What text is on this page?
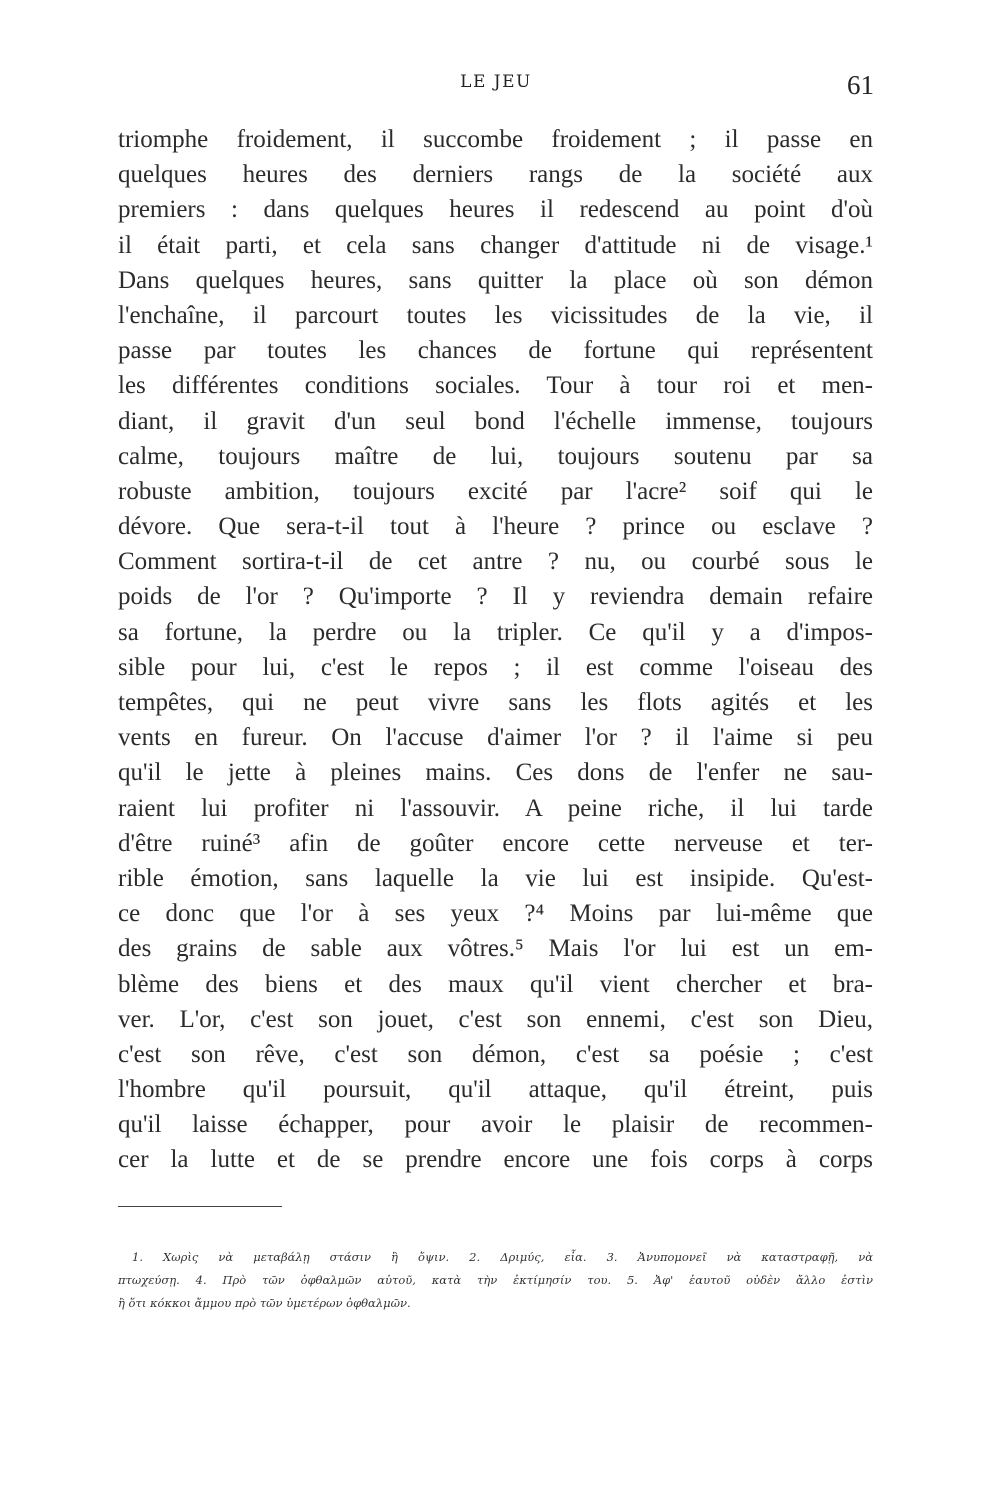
LE JEU	61
triomphe froidement, il succombe froidement ; il passe en
quelques heures des derniers rangs de la société aux
premiers : dans quelques heures il redescend au point d'où
il était parti, et cela sans changer d'attitude ni de visage.¹
Dans quelques heures, sans quitter la place où son démon
l'enchaîne, il parcourt toutes les vicissitudes de la vie, il
passe par toutes les chances de fortune qui représentent
les différentes conditions sociales. Tour à tour roi et men-
diant, il gravit d'un seul bond l'échelle immense, toujours
calme, toujours maître de lui, toujours soutenu par sa
robuste ambition, toujours excité par l'acre² soif qui le
dévore. Que sera-t-il tout à l'heure ? prince ou esclave ?
Comment sortira-t-il de cet antre ? nu, ou courbé sous le
poids de l'or ? Qu'importe ? Il y reviendra demain refaire
sa fortune, la perdre ou la tripler. Ce qu'il y a d'impos-
sible pour lui, c'est le repos ; il est comme l'oiseau des
tempêtes, qui ne peut vivre sans les flots agités et les
vents en fureur. On l'accuse d'aimer l'or ? il l'aime si peu
qu'il le jette à pleines mains. Ces dons de l'enfer ne sau-
raient lui profiter ni l'assouvir. A peine riche, il lui tarde
d'être ruiné³ afin de goûter encore cette nerveuse et ter-
rible émotion, sans laquelle la vie lui est insipide. Qu'est-
ce donc que l'or à ses yeux ?⁴ Moins par lui-même que
des grains de sable aux vôtres.⁵ Mais l'or lui est un em-
blème des biens et des maux qu'il vient chercher et bra-
ver. L'or, c'est son jouet, c'est son ennemi, c'est son Dieu,
c'est son rêve, c'est son démon, c'est sa poésie ; c'est
l'hombre qu'il poursuit, qu'il attaque, qu'il étreint, puis
qu'il laisse échapper, pour avoir le plaisir de recommen-
cer la lutte et de se prendre encore une fois corps à corps
1. Χωρὶς νὰ μεταβάλῃ στάσιν ἢ ὄψιν. 2. Δριμύς, εἶα. 3. Ἀνυπομονεῖ νὰ καταστραφῇ, νὰ
πτωχεύσῃ. 4. Πρὸ τῶν ὀφθαλμῶν αὐτοῦ, κατὰ τὴν ἐκτίμησίν του. 5. Ἀφ' ἑαυτοῦ οὐδὲν ἄλλο ἐστὶν
ἢ ὅτι κόκκοι ἄμμου πρὸ τῶν ὑμετέρων ὀφθαλμῶν.
